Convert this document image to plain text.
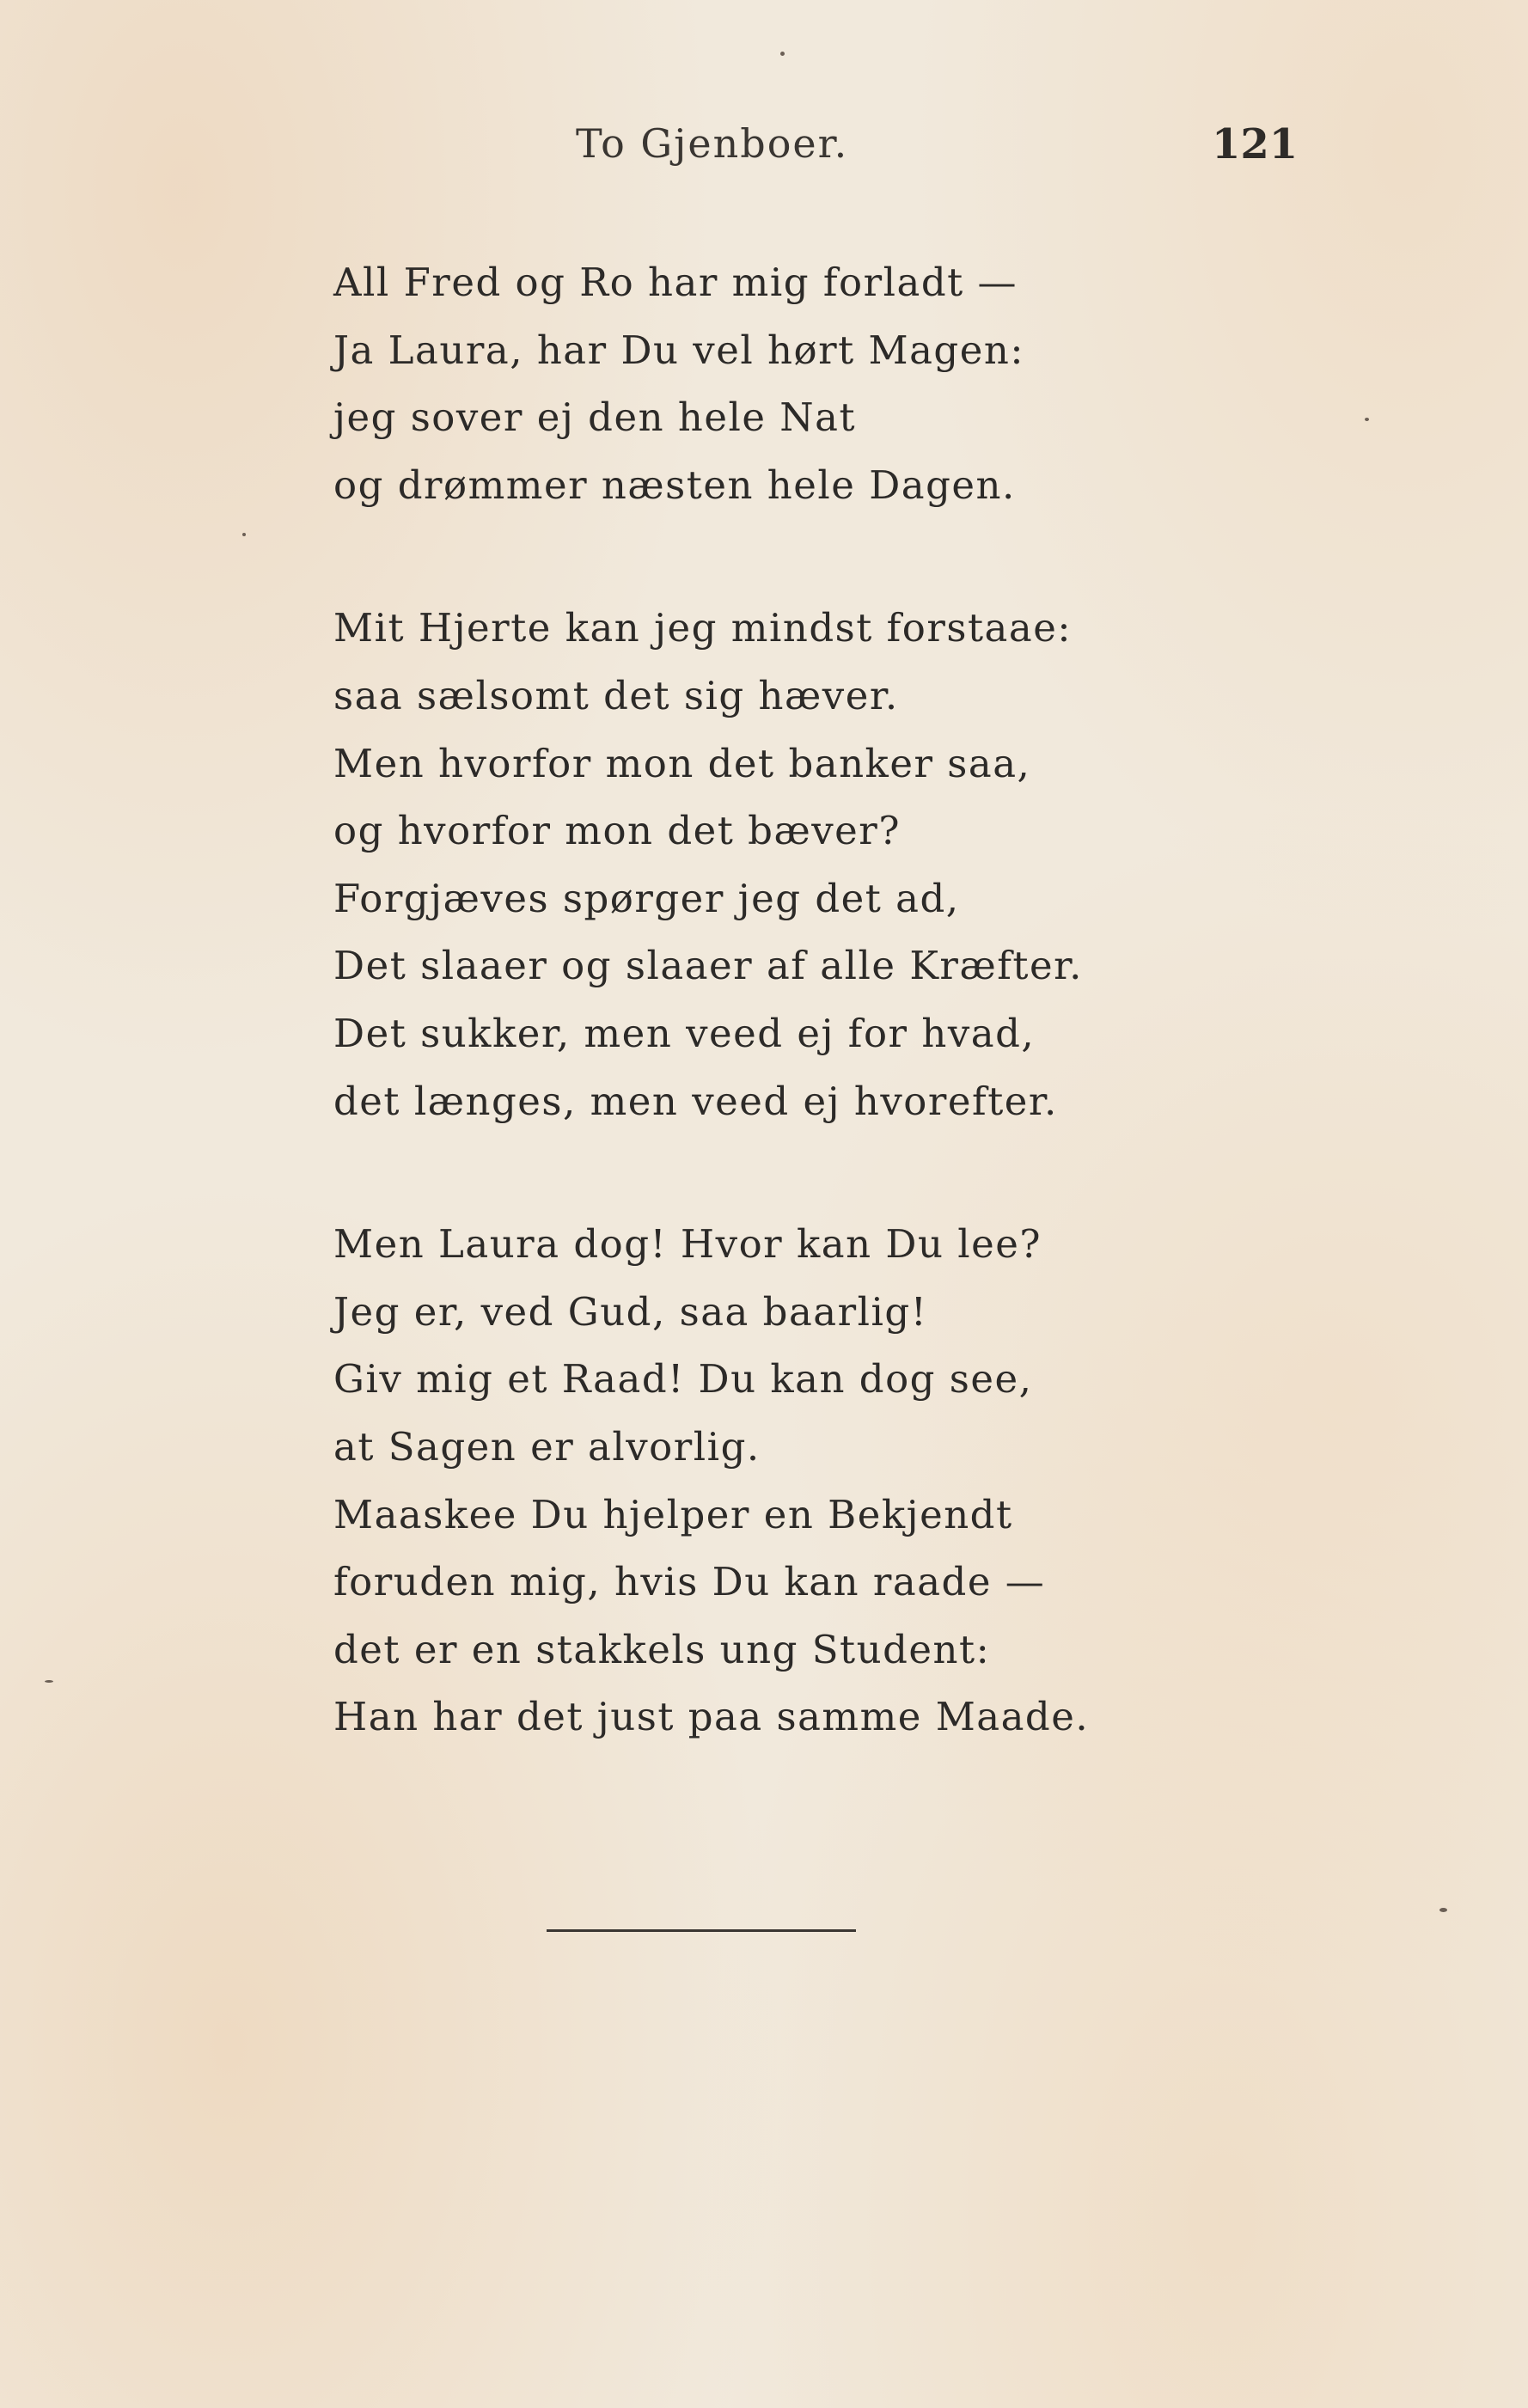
To Gjenboer.	121
All Fred og Ro har mig forladt —
Ja Laura, har Du vel hørt Magen:
jeg sover ej den hele Nat
og drømmer næsten hele Dagen.
Mit Hjerte kan jeg mindst forstaae:
saa sælsomt det sig hæver.
Men hvorfor mon det banker saa,
og hvorfor mon det bæver?
Forgjæves spørger jeg det ad,
Det slaaer og slaaer af alle Kræfter.
Det sukker, men veed ej for hvad,
det længes, men veed ej hvorefter.
Men Laura dog! Hvor kan Du lee?
Jeg er, ved Gud, saa baarlig!
Giv mig et Raad! Du kan dog see,
at Sagen er alvorlig.
Maaskee Du hjelper en Bekjendt
foruden mig, hvis Du kan raade —
det er en stakkels ung Student:
Han har det just paa samme Maade.
